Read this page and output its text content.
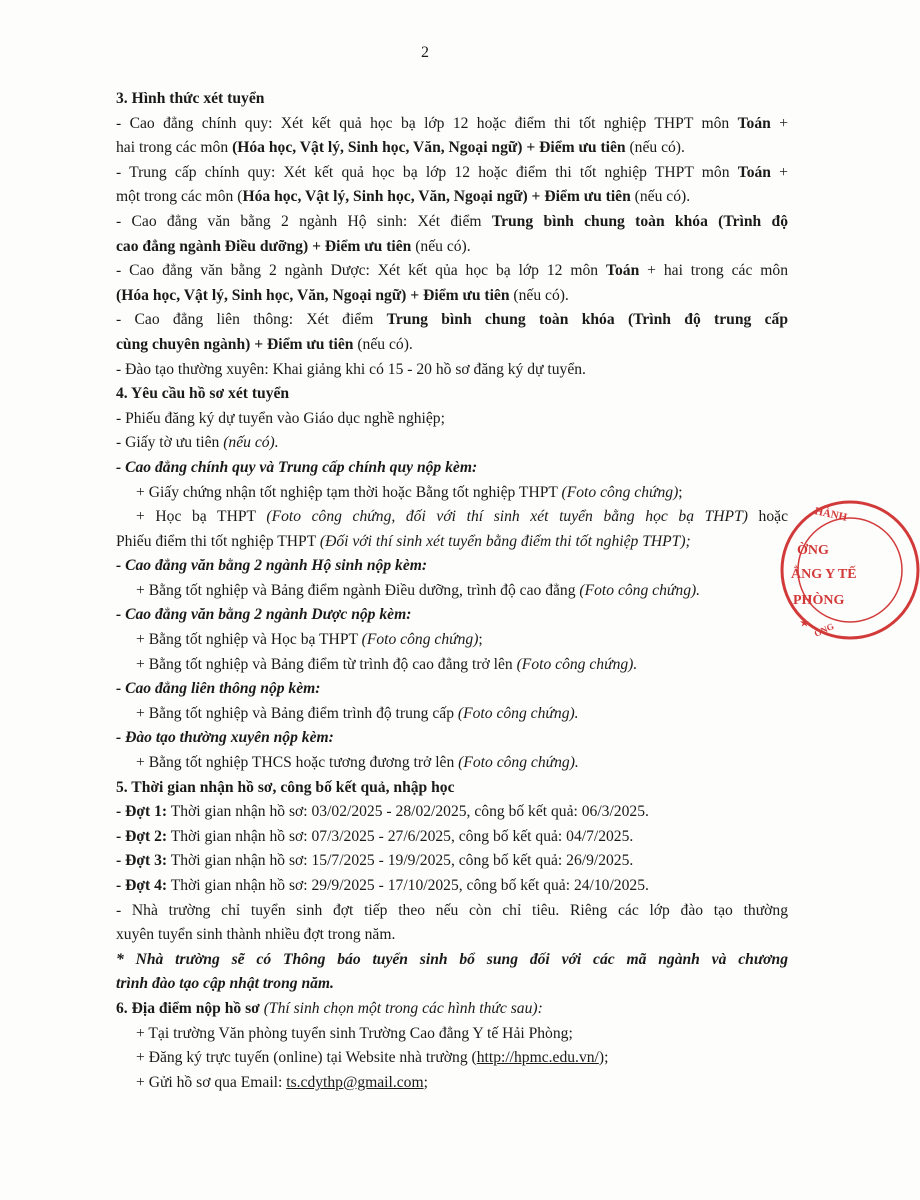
2
3. Hình thức xét tuyển
- Cao đẳng chính quy: Xét kết quả học bạ lớp 12 hoặc điểm thi tốt nghiệp THPT môn Toán +
hai trong các môn (Hóa học, Vật lý, Sinh học, Văn, Ngoại ngữ) + Điểm ưu tiên (nếu có).
- Trung cấp chính quy: Xét kết quả học bạ lớp 12 hoặc điểm thi tốt nghiệp THPT môn Toán +
một trong các môn (Hóa học, Vật lý, Sinh học, Văn, Ngoại ngữ) + Điểm ưu tiên (nếu có).
- Cao đẳng văn bằng 2 ngành Hộ sinh: Xét điểm Trung bình chung toàn khóa (Trình độ
cao đẳng ngành Điều dưỡng) + Điểm ưu tiên (nếu có).
- Cao đẳng văn bằng 2 ngành Dược: Xét kết qủa học bạ lớp 12 môn Toán + hai trong các môn
(Hóa học, Vật lý, Sinh học, Văn, Ngoại ngữ) + Điểm ưu tiên (nếu có).
- Cao đẳng liên thông: Xét điểm Trung bình chung toàn khóa (Trình độ trung cấp
cùng chuyên ngành) + Điểm ưu tiên (nếu có).
- Đào tạo thường xuyên: Khai giảng khi có 15 - 20 hồ sơ đăng ký dự tuyển.
4. Yêu cầu hồ sơ xét tuyển
- Phiếu đăng ký dự tuyển vào Giáo dục nghề nghiệp;
- Giấy tờ ưu tiên (nếu có).
- Cao đẳng chính quy và Trung cấp chính quy nộp kèm:
+ Giấy chứng nhận tốt nghiệp tạm thời hoặc Bằng tốt nghiệp THPT (Foto công chứng);
+ Học bạ THPT (Foto công chứng, đối với thí sinh xét tuyển bằng học bạ THPT) hoặc
Phiếu điểm thi tốt nghiệp THPT (Đối với thí sinh xét tuyển bằng điểm thi tốt nghiệp THPT);
- Cao đẳng văn bằng 2 ngành Hộ sinh nộp kèm:
+ Bằng tốt nghiệp và Bảng điểm ngành Điều dưỡng, trình độ cao đẳng (Foto công chứng).
- Cao đẳng văn bằng 2 ngành Dược nộp kèm:
+ Bằng tốt nghiệp và Học bạ THPT (Foto công chứng);
+ Bằng tốt nghiệp và Bảng điểm từ trình độ cao đẳng trở lên (Foto công chứng).
- Cao đẳng liên thông nộp kèm:
+ Bằng tốt nghiệp và Bảng điểm trình độ trung cấp (Foto công chứng).
- Đào tạo thường xuyên nộp kèm:
+ Bằng tốt nghiệp THCS hoặc tương đương trở lên (Foto công chứng).
5. Thời gian nhận hồ sơ, công bố kết quả, nhập học
- Đợt 1: Thời gian nhận hồ sơ: 03/02/2025 - 28/02/2025, công bố kết quả: 06/3/2025.
- Đợt 2: Thời gian nhận hồ sơ: 07/3/2025 - 27/6/2025, công bố kết quả: 04/7/2025.
- Đợt 3: Thời gian nhận hồ sơ: 15/7/2025 - 19/9/2025, công bố kết quả: 26/9/2025.
- Đợt 4: Thời gian nhận hồ sơ: 29/9/2025 - 17/10/2025, công bố kết quả: 24/10/2025.
- Nhà trường chỉ tuyển sinh đợt tiếp theo nếu còn chỉ tiêu. Riêng các lớp đào tạo thường
xuyên tuyển sinh thành nhiều đợt trong năm.
* Nhà trường sẽ có Thông báo tuyển sinh bổ sung đối với các mã ngành và chương
trình đào tạo cập nhật trong năm.
6. Địa điểm nộp hồ sơ (Thí sinh chọn một trong các hình thức sau):
+ Tại trường Văn phòng tuyển sinh Trường Cao đẳng Y tế Hải Phòng;
+ Đăng ký trực tuyến (online) tại Website nhà trường (http://hpmc.edu.vn/);
+ Gửi hồ sơ qua Email: ts.cdythp@gmail.com;
HÀNH
ỜNG
ẲNG Y TẾ
PHÒNG
ÒNG
★
